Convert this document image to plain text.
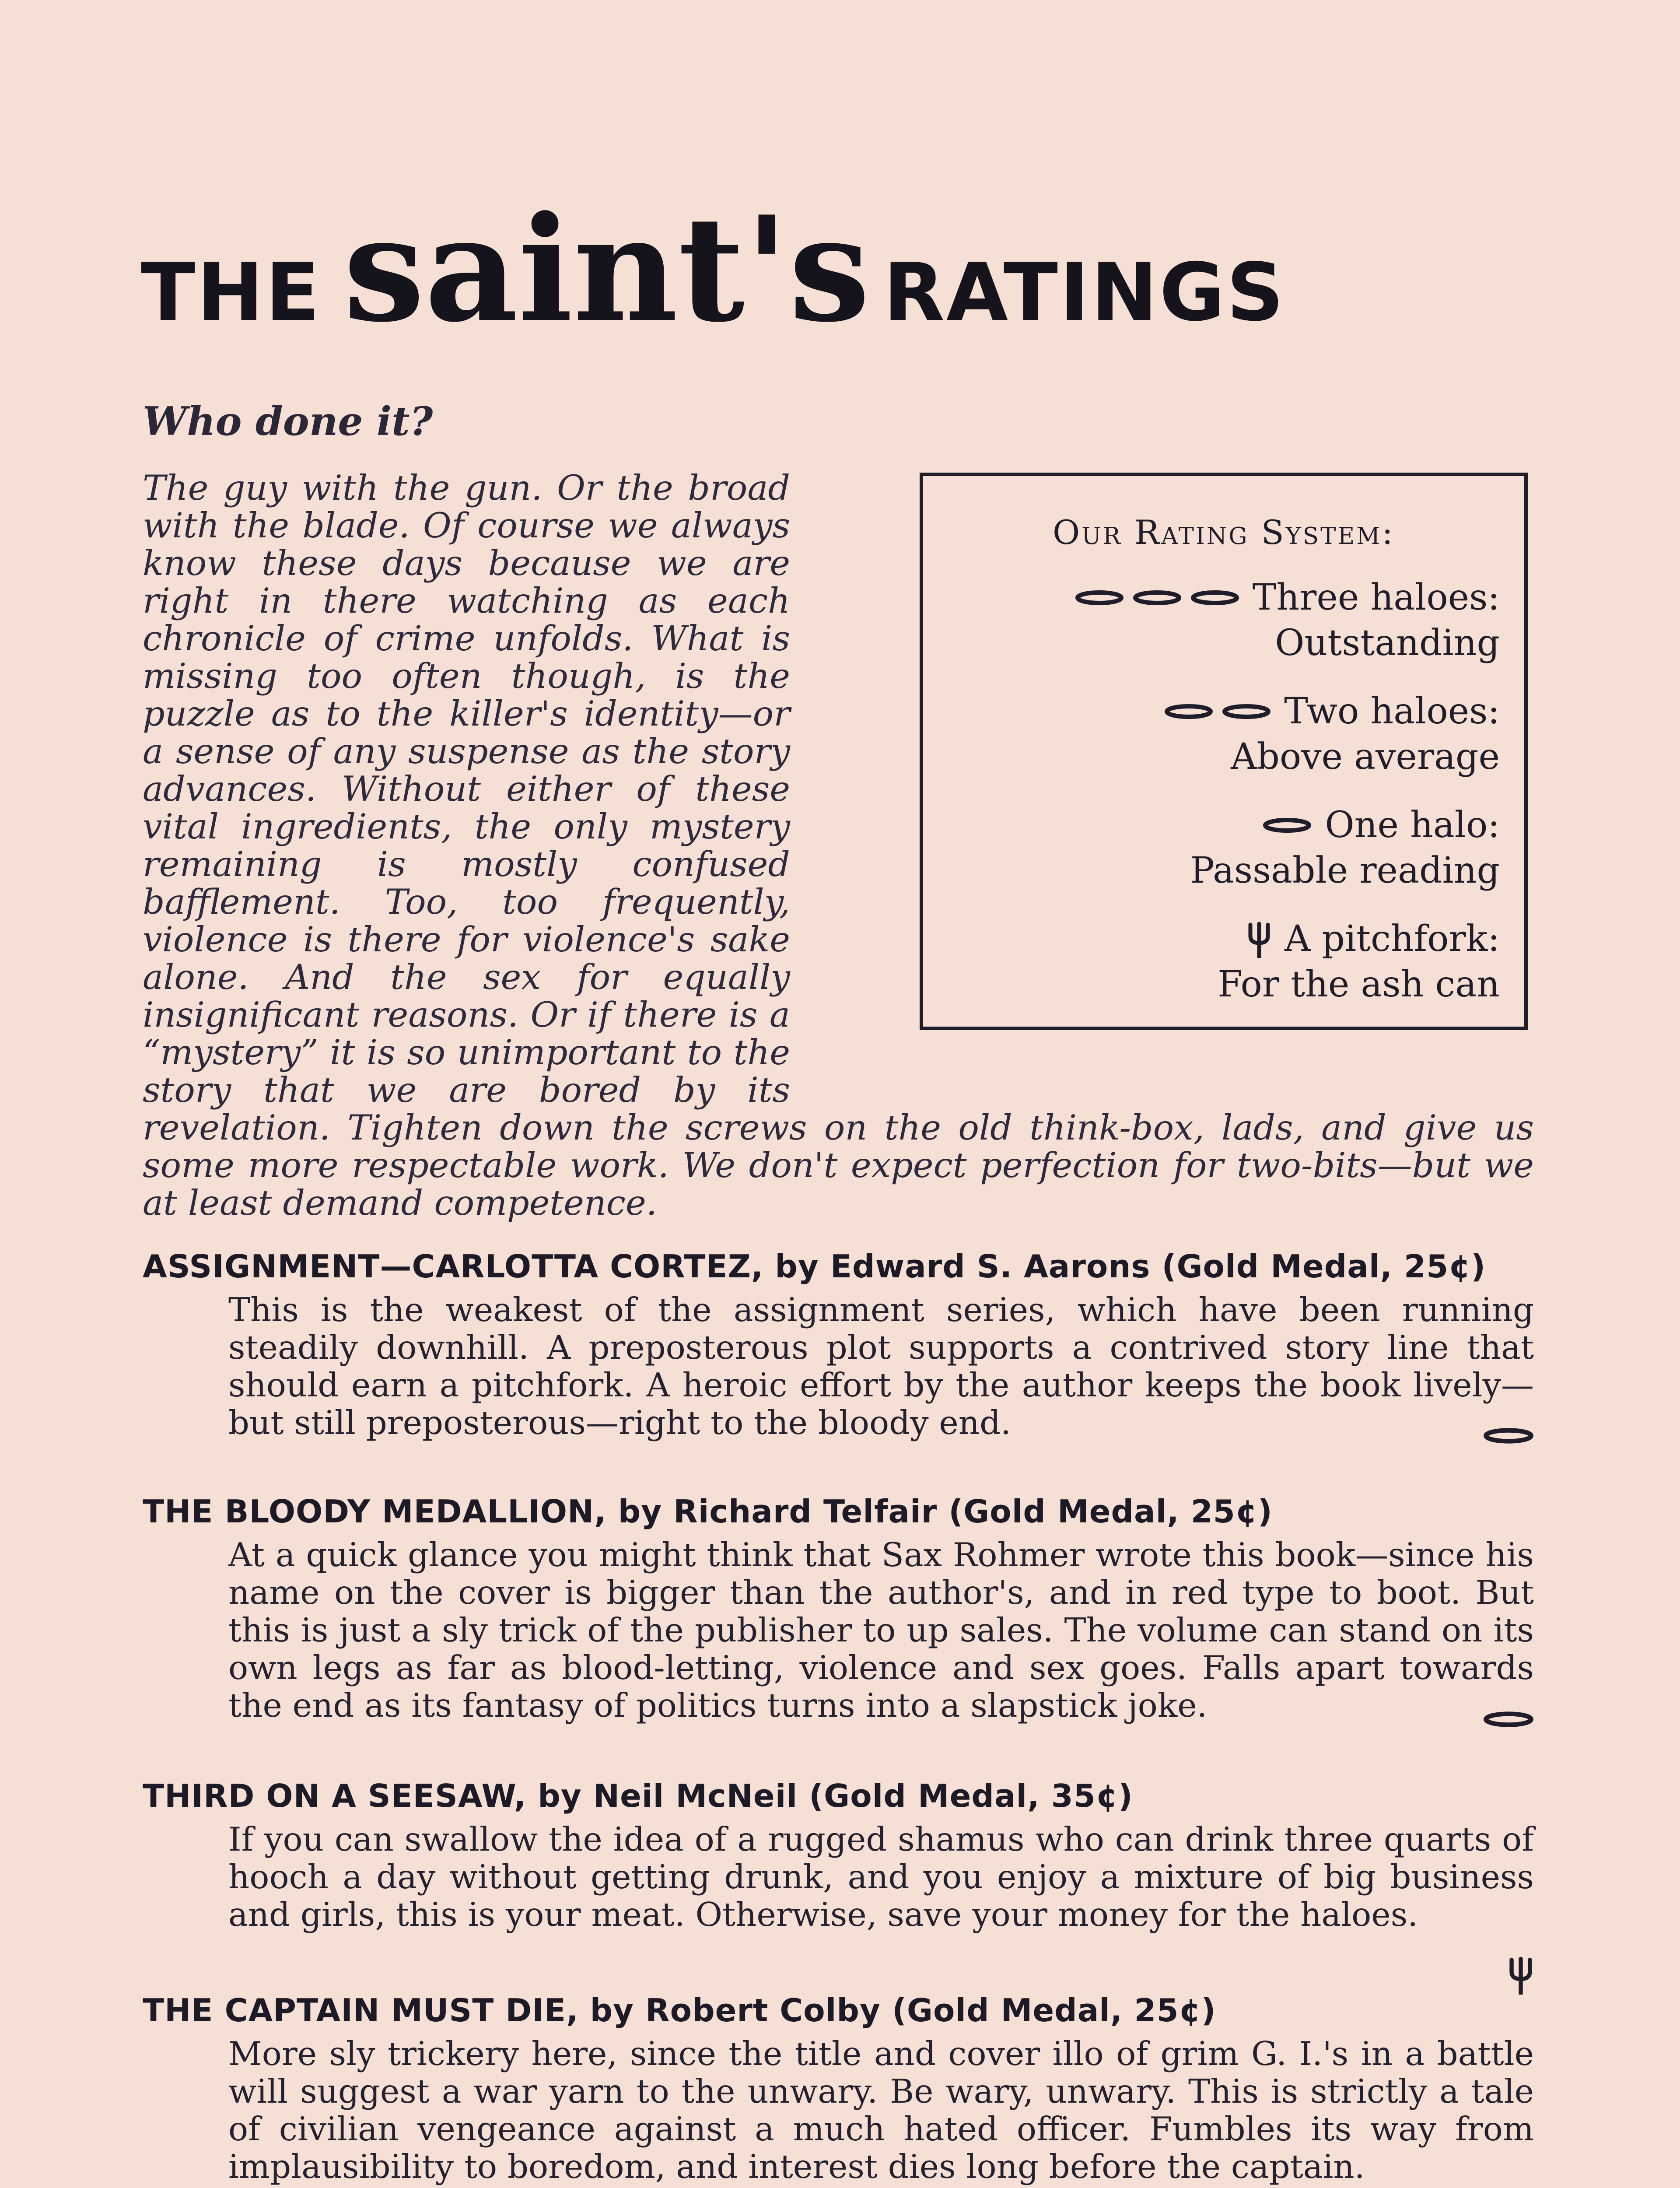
THE saint's RATINGS
Who done it?
The guy with the gun. Or the broad with the blade. Of course we always know these days because we are right in there watching as each chronicle of crime unfolds. What is missing too often though, is the puzzle as to the killer's identity—or a sense of any suspense as the story advances. Without either of these vital ingredients, the only mystery remaining is mostly confused bafflement. Too, too frequently, violence is there for violence's sake alone. And the sex for equally insignificant reasons. Or if there is a “mystery” it is so unimportant to the story that we are bored by its revelation. Tighten down the screws on the old think-box, lads, and give us some more respectable work. We don't expect perfection for two-bits—but we at least demand competence.
Our Rating System:
Three haloes:
Outstanding
Two haloes:
Above average
One halo:
Passable reading
A pitchfork:
For the ash can
ASSIGNMENT—CARLOTTA CORTEZ, by Edward S. Aarons (Gold Medal, 25¢)
This is the weakest of the assignment series, which have been running steadily downhill. A preposterous plot supports a contrived story line that should earn a pitchfork. A heroic effort by the author keeps the book lively—but still preposterous—right to the bloody end.
THE BLOODY MEDALLION, by Richard Telfair (Gold Medal, 25¢)
At a quick glance you might think that Sax Rohmer wrote this book—since his name on the cover is bigger than the author's, and in red type to boot. But this is just a sly trick of the publisher to up sales. The volume can stand on its own legs as far as blood-letting, violence and sex goes. Falls apart towards the end as its fantasy of politics turns into a slapstick joke.
THIRD ON A SEESAW, by Neil McNeil (Gold Medal, 35¢)
If you can swallow the idea of a rugged shamus who can drink three quarts of hooch a day without getting drunk, and you enjoy a mixture of big business and girls, this is your meat. Otherwise, save your money for the haloes.
THE CAPTAIN MUST DIE, by Robert Colby (Gold Medal, 25¢)
More sly trickery here, since the title and cover illo of grim G. I.'s in a battle will suggest a war yarn to the unwary. Be wary, unwary. This is strictly a tale of civilian vengeance against a much hated officer. Fumbles its way from implausibility to boredom, and interest dies long before the captain.
